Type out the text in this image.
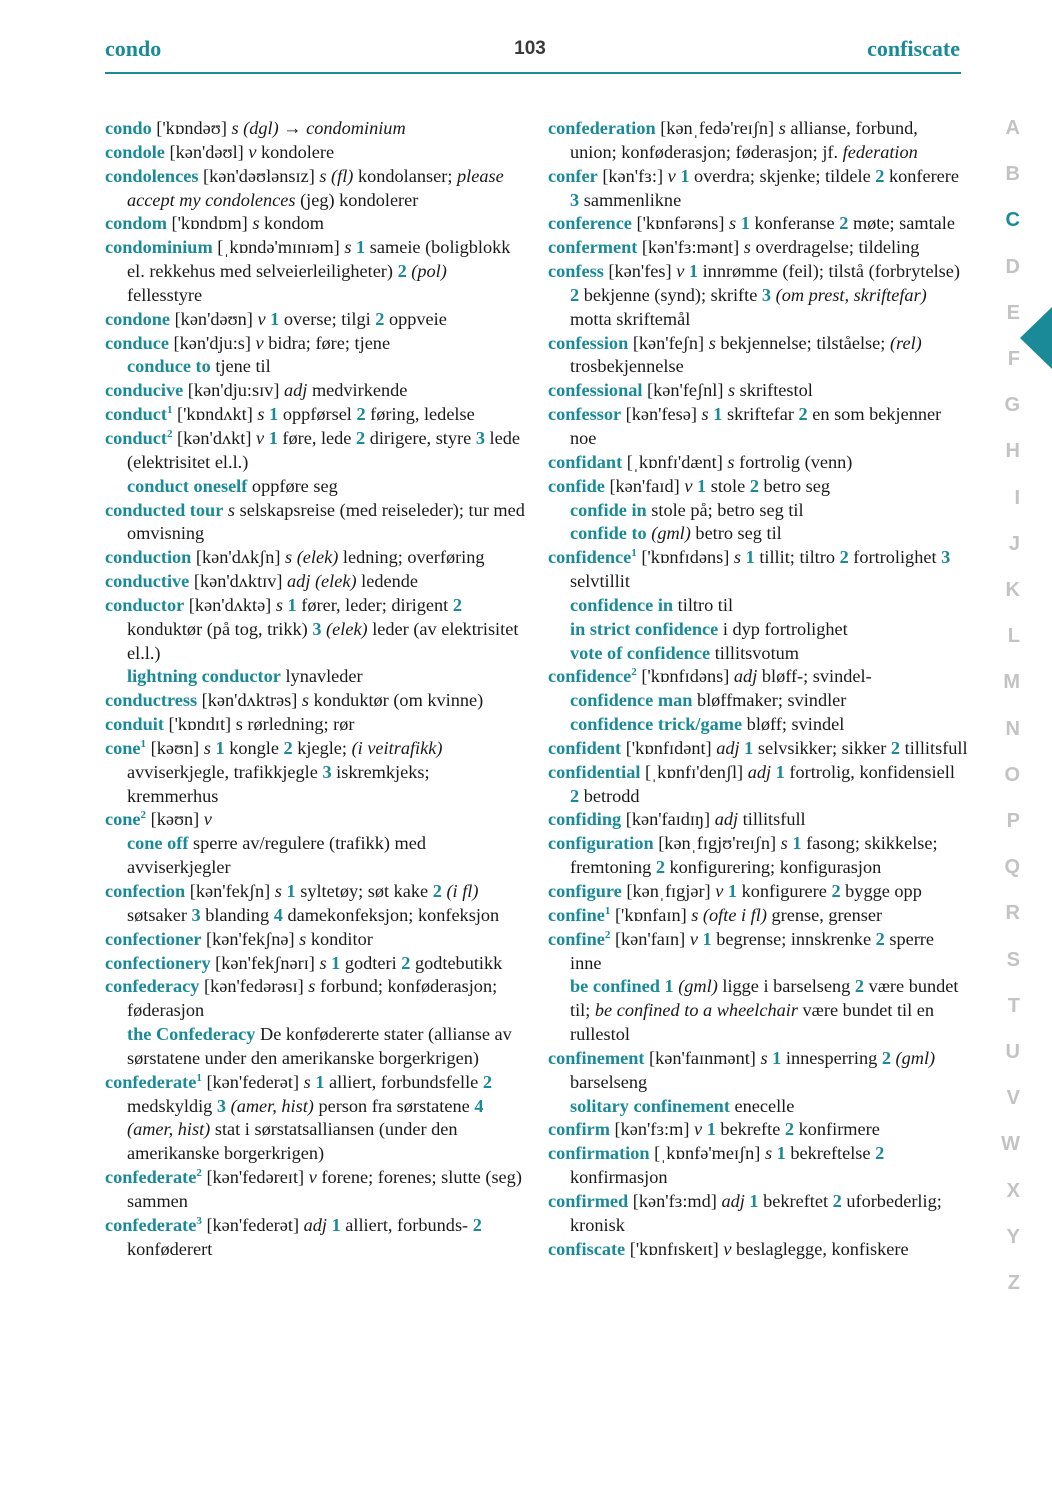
condo	103	confiscate
condo ['kɒndəʊ] s (dgl) → condominium
condole [kən'dəʊl] v kondolere
condolences [kən'dəʊlənsɪz] s (fl) kondolanser; please accept my condolences (jeg) kondolerer
condom ['kɒndɒm] s kondom
condominium [ˌkɒndə'mɪnɪəm] s 1 sameie (boligblokk el. rekkehus med selveierleiligheter) 2 (pol) fellesstyre
condone [kən'dəʊn] v 1 overse; tilgi 2 oppveie
conduce [kən'dju:s] v bidra; føre; tjene
conduce to tjene til
conducive [kən'dju:sɪv] adj medvirkende
conduct$^1$ ['kɒndʌkt] s 1 oppførsel 2 føring, ledelse
conduct$^2$ [kən'dʌkt] v 1 føre, lede 2 dirigere, styre 3 lede (elektrisitet el.l.)
conduct oneself oppføre seg
conducted tour s selskapsreise (med reiseleder); tur med omvisning
conduction [kən'dʌkʃn] s (elek) ledning; overføring
conductive [kən'dʌktɪv] adj (elek) ledende
conductor [kən'dʌktə] s 1 fører, leder; dirigent 2 konduktør (på tog, trikk) 3 (elek) leder (av elektrisitet el.l.)
lightning conductor lynavleder
conductress [kən'dʌktrəs] s konduktør (om kvinne)
conduit ['kɒndɪt] s rørledning; rør
cone$^1$ [kəʊn] s 1 kongle 2 kjegle; (i veitrafikk) avviserkjegle, trafikkjegle 3 iskremkjeks; kremmerhus
cone$^2$ [kəʊn] v
cone off sperre av/regulere (trafikk) med avviserkjegler
confection [kən'fekʃn] s 1 syltetøy; søt kake 2 (i fl) søtsaker 3 blanding 4 damekonfeksjon; konfeksjon
confectioner [kən'fekʃnə] s konditor
confectionery [kən'fekʃnərɪ] s 1 godteri 2 godtebutikk
confederacy [kən'fedərəsɪ] s forbund; konføderasjon; føderasjon
the Confederacy De konfødererte stater (allianse av sørstatene under den amerikanske borgerkrigen)
confederate$^1$ [kən'federət] s 1 alliert, forbundsfelle 2 medskyldig 3 (amer, hist) person fra sørstatene 4 (amer, hist) stat i sørstatsalliansen (under den amerikanske borgerkrigen)
confederate$^2$ [kən'fedəreɪt] v forene; forenes; slutte (seg) sammen
confederate$^3$ [kən'federət] adj 1 alliert, forbunds- 2 konføderert
confederation [kənˌfedə'reɪʃn] s allianse, forbund, union; konføderasjon; føderasjon; jf. federation
confer [kən'fɜ:] v 1 overdra; skjenke; tildele 2 konferere 3 sammenlikne
conference ['kɒnfərəns] s 1 konferanse 2 møte; samtale
conferment [kən'fɜ:mənt] s overdragelse; tildeling
confess [kən'fes] v 1 innrømme (feil); tilstå (forbrytelse) 2 bekjenne (synd); skrifte 3 (om prest, skriftefar) motta skriftemål
confession [kən'feʃn] s bekjennelse; tilståelse; (rel) trosbekjennelse
confessional [kən'feʃnl] s skriftestol
confessor [kən'fesə] s 1 skriftefar 2 en som bekjenner noe
confidant [ˌkɒnfɪ'dænt] s fortrolig (venn)
confide [kən'faɪd] v 1 stole 2 betro seg
confide in stole på; betro seg til
confide to (gml) betro seg til
confidence$^1$ ['kɒnfɪdəns] s 1 tillit; tiltro 2 fortrolighet 3 selvtillit
confidence in tiltro til
in strict confidence i dyp fortrolighet
vote of confidence tillitsvotum
confidence$^2$ ['kɒnfɪdəns] adj bløff-; svindel-
confidence man bløffmaker; svindler
confidence trick/game bløff; svindel
confident ['kɒnfɪdənt] adj 1 selvsikker; sikker 2 tillitsfull
confidential [ˌkɒnfɪ'denʃl] adj 1 fortrolig, konfidensiell 2 betrodd
confiding [kən'faɪdɪŋ] adj tillitsfull
configuration [kənˌfɪgjʊ'reɪʃn] s 1 fasong; skikkelse; fremtoning 2 konfigurering; konfigurasjon
configure [kənˌfɪgjər] v 1 konfigurere 2 bygge opp
confine$^1$ ['kɒnfaɪn] s (ofte i fl) grense, grenser
confine$^2$ [kən'faɪn] v 1 begrense; innskrenke 2 sperre inne
be confined 1 (gml) ligge i barselseng 2 være bundet til; be confined to a wheelchair være bundet til en rullestol
confinement [kən'faɪnmənt] s 1 innesperring 2 (gml) barselseng
solitary confinement enecelle
confirm [kən'fɜ:m] v 1 bekrefte 2 konfirmere
confirmation [ˌkɒnfə'meɪʃn] s 1 bekreftelse 2 konfirmasjon
confirmed [kən'fɜ:md] adj 1 bekreftet 2 uforbederlig; kronisk
confiscate ['kɒnfɪskeɪt] v beslaglegge, konfiskere
A
B
C
D
E
F
G
H
I
J
K
L
M
N
O
P
Q
R
S
T
U
V
W
X
Y
Z
